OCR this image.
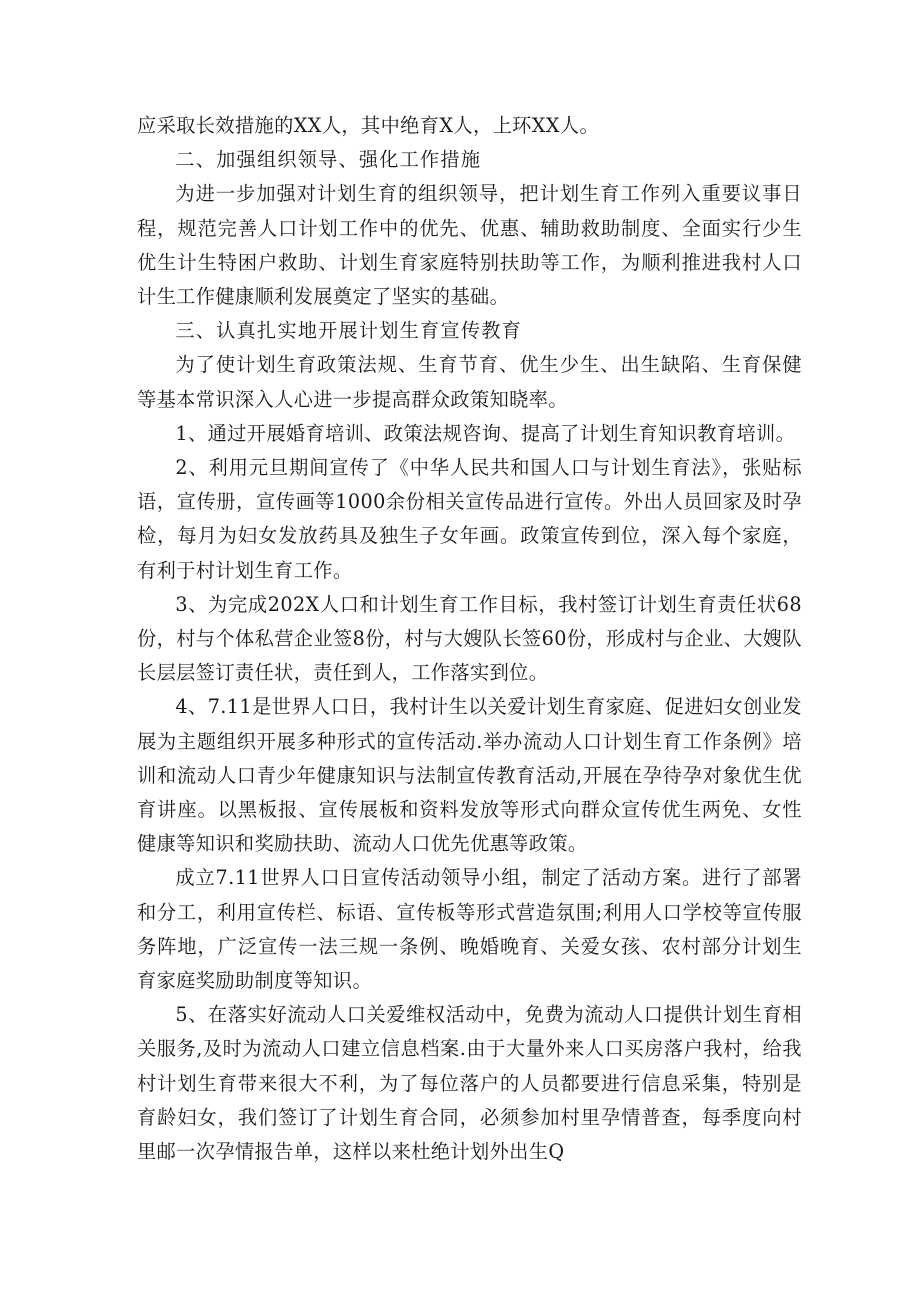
应采取长效措施的XX人，其中绝育X人，上环XX人。

二、加强组织领导、强化工作措施

为进一步加强对计划生育的组织领导，把计划生育工作列入重要议事日程，规范完善人口计划工作中的优先、优惠、辅助救助制度、全面实行少生优生计生特困户救助、计划生育家庭特别扶助等工作，为顺利推进我村人口计生工作健康顺利发展奠定了坚实的基础。

三、认真扎实地开展计划生育宣传教育

为了使计划生育政策法规、生育节育、优生少生、出生缺陷、生育保健等基本常识深入人心进一步提高群众政策知晓率。

1、通过开展婚育培训、政策法规咨询、提高了计划生育知识教育培训。

2、利用元旦期间宣传了《中华人民共和国人口与计划生育法》，张贴标语，宣传册，宣传画等1000余份相关宣传品进行宣传。外出人员回家及时孕检，每月为妇女发放药具及独生子女年画。政策宣传到位，深入每个家庭，有利于村计划生育工作。

3、为完成202X人口和计划生育工作目标，我村签订计划生育责任状68份，村与个体私营企业签8份，村与大嫂队长签60份，形成村与企业、大嫂队长层层签订责任状，责任到人，工作落实到位。

4、7.11是世界人口日，我村计生以关爱计划生育家庭、促进妇女创业发展为主题组织开展多种形式的宣传活动.举办流动人口计划生育工作条例》培训和流动人口青少年健康知识与法制宣传教育活动,开展在孕待孕对象优生优育讲座。以黑板报、宣传展板和资料发放等形式向群众宣传优生两免、女性健康等知识和奖励扶助、流动人口优先优惠等政策。

成立7.11世界人口日宣传活动领导小组，制定了活动方案。进行了部署和分工，利用宣传栏、标语、宣传板等形式营造氛围;利用人口学校等宣传服务阵地，广泛宣传一法三规一条例、晚婚晚育、关爱女孩、农村部分计划生育家庭奖励助制度等知识。

5、在落实好流动人口关爱维权活动中，免费为流动人口提供计划生育相关服务,及时为流动人口建立信息档案.由于大量外来人口买房落户我村，给我村计划生育带来很大不利，为了每位落户的人员都要进行信息采集，特别是育龄妇女，我们签订了计划生育合同，必须参加村里孕情普查，每季度向村里邮一次孕情报告单，这样以来杜绝计划外出生Q
